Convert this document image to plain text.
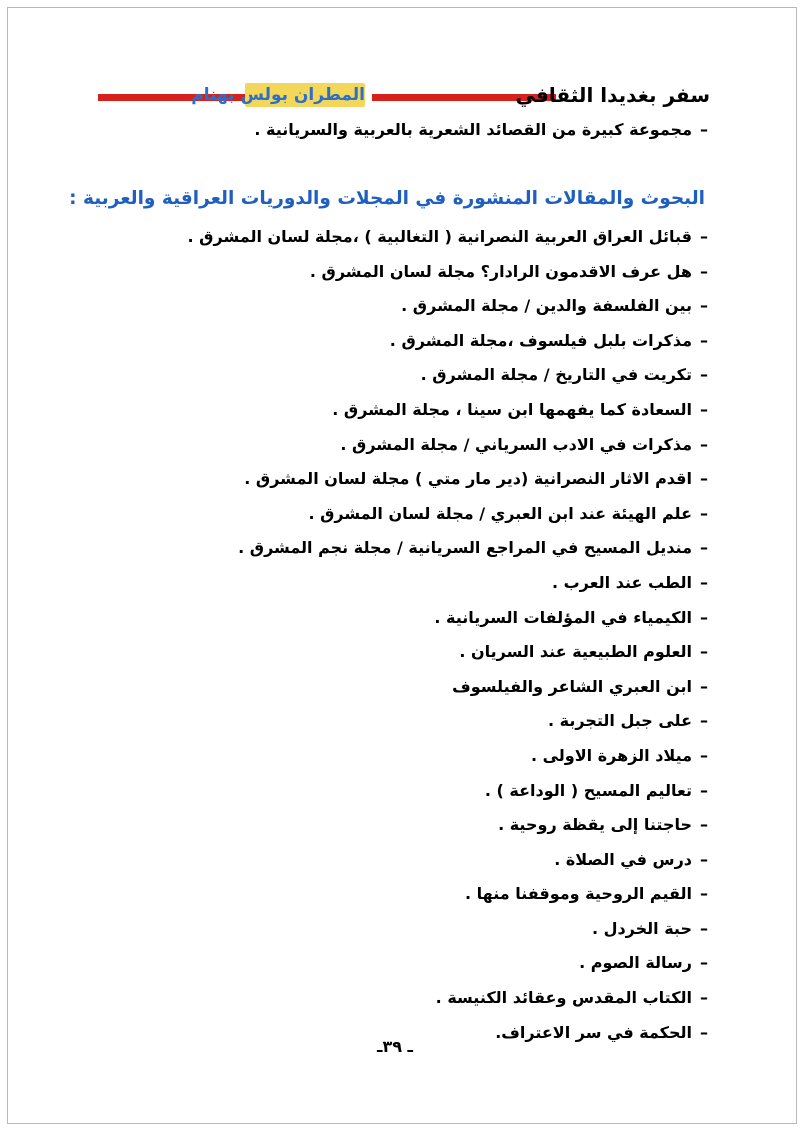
سفر بغديدا الثقافي
المطران بولس بهنام
–مجموعة كبيرة من القصائد الشعرية بالعربية والسريانية .
البحوث والمقالات المنشورة في المجلات والدوريات العراقية والعربية :
–قبائل العراق العربية النصرانية ( التغالبية ) ،مجلة لسان المشرق .
–هل عرف الاقدمون الرادار؟ مجلة لسان المشرق .
–بين الفلسفة والدين / مجلة المشرق .
–مذكرات بلبل فيلسوف ،مجلة المشرق .
–تكريت في التاريخ / مجلة المشرق .
–السعادة كما يفهمها ابن سينا ، مجلة المشرق .
–مذكرات في الادب السرياني / مجلة المشرق .
–اقدم الاثار النصرانية (دير مار متي ) مجلة لسان المشرق .
–علم الهيئة عند ابن العبري / مجلة لسان المشرق .
–منديل المسيح في المراجع السريانية / مجلة نجم المشرق .
–الطب عند العرب .
–الكيمياء في المؤلفات السريانية .
–العلوم الطبيعية عند السريان .
–ابن العبري الشاعر والفيلسوف
–على جبل التجربة .
–ميلاد الزهرة الاولى .
–تعاليم المسيح ( الوداعة ) .
–حاجتنا إلى يقظة روحية .
–درس في الصلاة .
–القيم الروحية وموقفنا منها .
–حبة الخردل .
–رسالة الصوم .
–الكتاب المقدس وعقائد الكنيسة .
–الحكمة في سر الاعتراف.
ـ ٣٩ـ
